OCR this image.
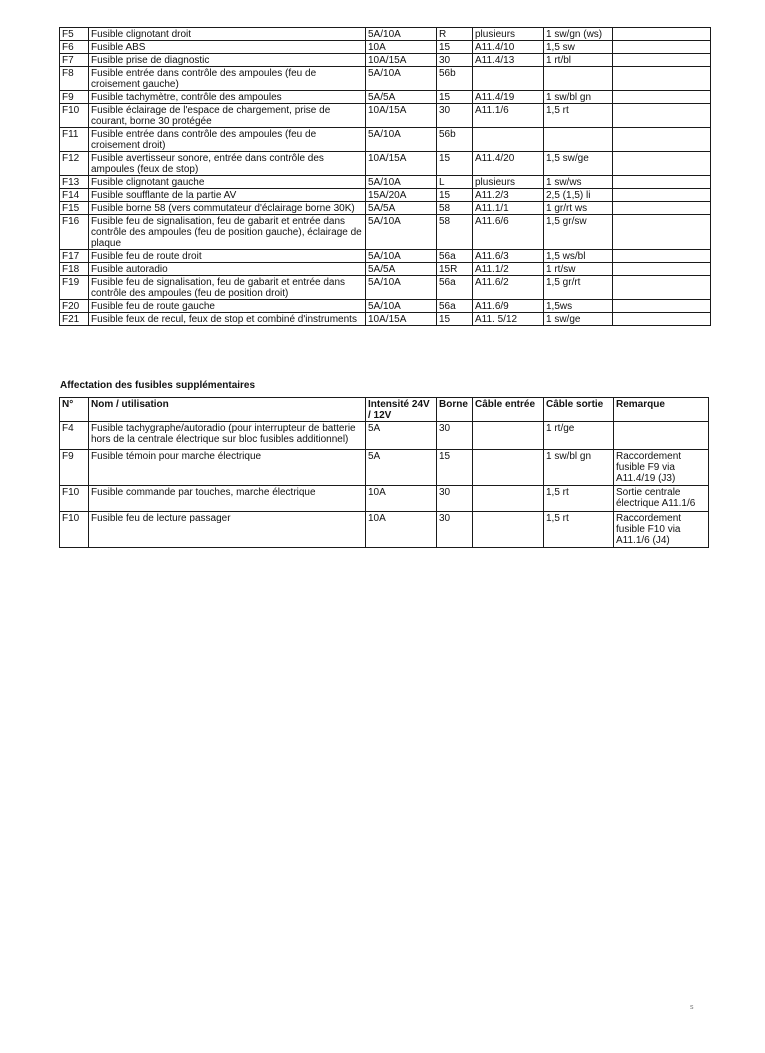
F5	Fusible clignotant droit	5A/10A	R	plusieurs	1 sw/gn (ws)	
F6	Fusible ABS	10A	15	A11.4/10	1,5 sw	
F7	Fusible prise de diagnostic	10A/15A	30	A11.4/13	1 rt/bl	
F8	Fusible entrée dans contrôle des ampoules (feu de croisement gauche)	5A/10A	56b			
F9	Fusible tachymètre, contrôle des ampoules	5A/5A	15	A11.4/19	1 sw/bl gn	
F10	Fusible éclairage de l'espace de chargement, prise de courant, borne 30 protégée	10A/15A	30	A11.1/6	1,5 rt	
F11	Fusible entrée dans contrôle des ampoules (feu de croisement droit)	5A/10A	56b			
F12	Fusible avertisseur sonore, entrée dans contrôle des ampoules (feux de stop)	10A/15A	15	A11.4/20	1,5 sw/ge	
F13	Fusible clignotant gauche	5A/10A	L	plusieurs	1 sw/ws	
F14	Fusible soufflante de la partie AV	15A/20A	15	A11.2/3	2,5 (1,5) li	
F15	Fusible borne 58 (vers commutateur d'éclairage borne 30K)	5A/5A	58	A11.1/1	1 gr/rt ws	
F16	Fusible feu de signalisation, feu de gabarit et entrée dans contrôle des ampoules (feu de position gauche), éclairage de plaque	5A/10A	58	A11.6/6	1,5 gr/sw	
F17	Fusible feu de route droit	5A/10A	56a	A11.6/3	1,5 ws/bl	
F18	Fusible autoradio	5A/5A	15R	A11.1/2	1 rt/sw	
F19	Fusible feu de signalisation, feu de gabarit et entrée dans contrôle des ampoules (feu de position droit)	5A/10A	56a	A11.6/2	1,5 gr/rt	
F20	Fusible feu de route gauche	5A/10A	56a	A11.6/9	1,5ws	
F21	Fusible feux de recul, feux de stop et combiné d'instruments	10A/15A	15	A11. 5/12	1 sw/ge	
Affectation des fusibles supplémentaires
N°	Nom / utilisation	Intensité 24V / 12V	Borne	Câble entrée	Câble sortie	Remarque
F4	Fusible tachygraphe/autoradio (pour interrupteur de batterie hors de la centrale électrique sur bloc fusibles additionnel)	5A	30		1 rt/ge	
F9	Fusible témoin pour marche électrique	5A	15		1 sw/bl gn	Raccordement fusible F9 via A11.4/19 (J3)
F10	Fusible commande par touches, marche électrique	10A	30		1,5 rt	Sortie centrale électrique A11.1/6
F10	Fusible feu de lecture passager	10A	30		1,5 rt	Raccordement fusible F10 via A11.1/6 (J4)
s
